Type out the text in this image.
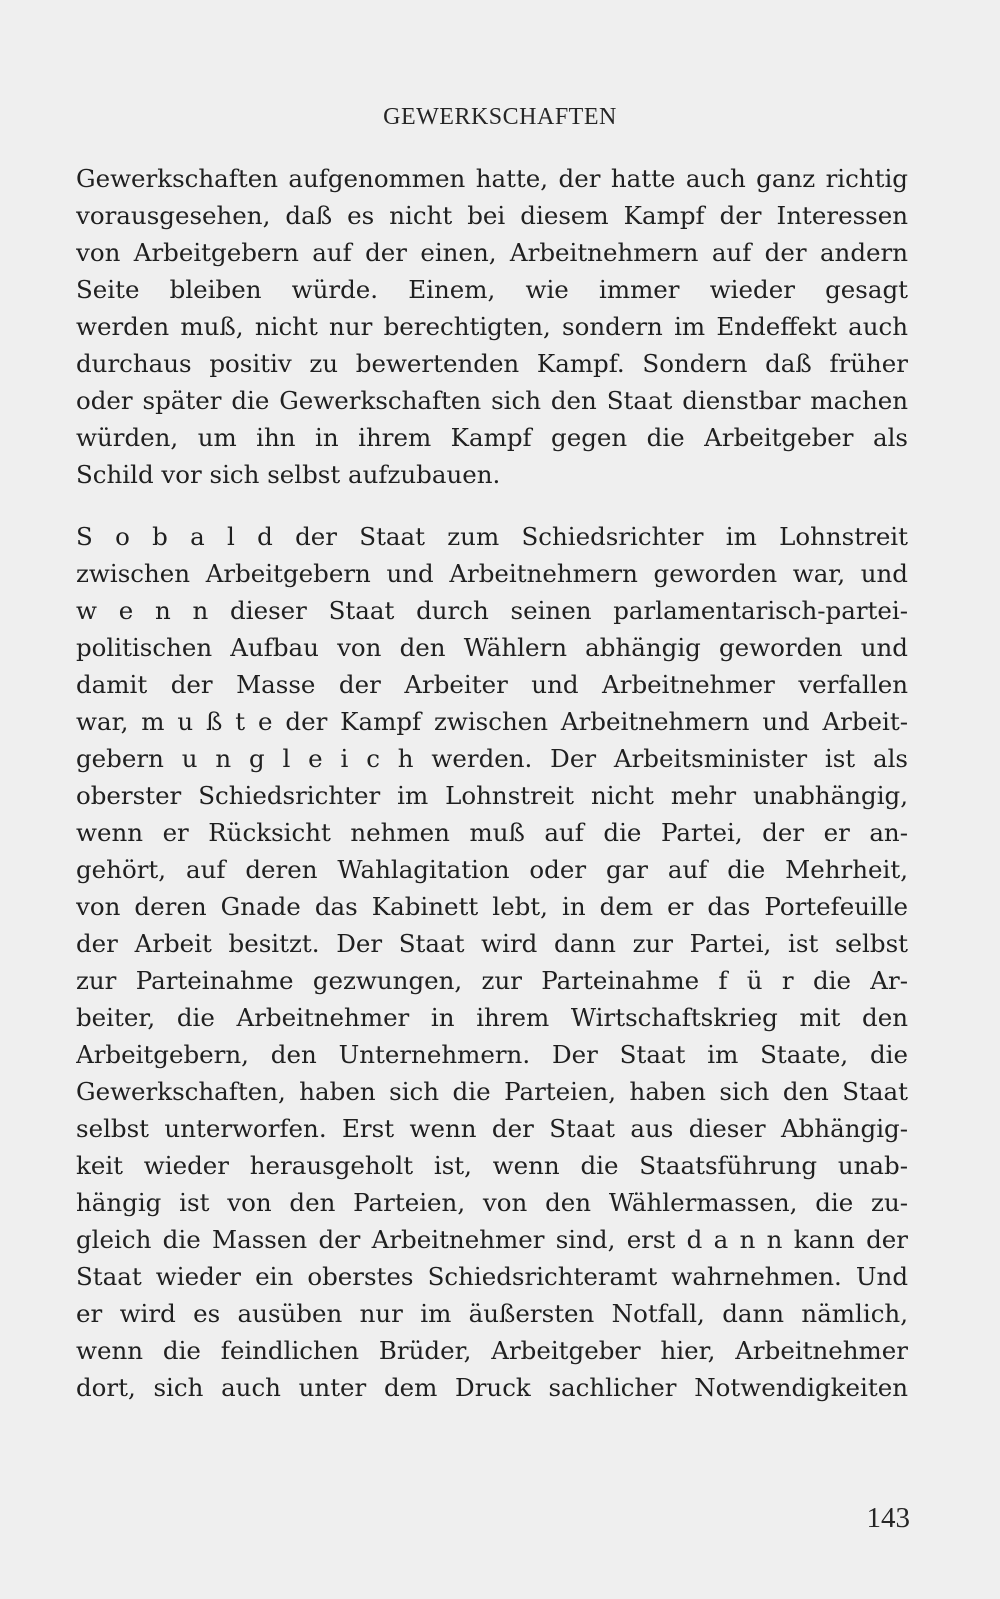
GEWERKSCHAFTEN
Gewerkschaften aufgenommen hatte, der hatte auch ganz richtig
vorausgesehen, daß es nicht bei diesem Kampf der Interessen
von Arbeitgebern auf der einen, Arbeitnehmern auf der andern
Seite bleiben würde. Einem, wie immer wieder gesagt
werden muß, nicht nur berechtigten, sondern im Endeffekt auch
durchaus positiv zu bewertenden Kampf. Sondern daß früher
oder später die Gewerkschaften sich den Staat dienstbar machen
würden, um ihn in ihrem Kampf gegen die Arbeitgeber als
Schild vor sich selbst aufzubauen.
S o b a l d der Staat zum Schiedsrichter im Lohnstreit
zwischen Arbeitgebern und Arbeitnehmern geworden war, und
w e n n dieser Staat durch seinen parlamentarisch-partei-
politischen Aufbau von den Wählern abhängig geworden und
damit der Masse der Arbeiter und Arbeitnehmer verfallen
war, m u ß t e der Kampf zwischen Arbeitnehmern und Arbeit-
gebern u n g l e i c h werden. Der Arbeitsminister ist als
oberster Schiedsrichter im Lohnstreit nicht mehr unabhängig,
wenn er Rücksicht nehmen muß auf die Partei, der er an-
gehört, auf deren Wahlagitation oder gar auf die Mehrheit,
von deren Gnade das Kabinett lebt, in dem er das Portefeuille
der Arbeit besitzt. Der Staat wird dann zur Partei, ist selbst
zur Parteinahme gezwungen, zur Parteinahme f ü r die Ar-
beiter, die Arbeitnehmer in ihrem Wirtschaftskrieg mit den
Arbeitgebern, den Unternehmern. Der Staat im Staate, die
Gewerkschaften, haben sich die Parteien, haben sich den Staat
selbst unterworfen. Erst wenn der Staat aus dieser Abhängig-
keit wieder herausgeholt ist, wenn die Staatsführung unab-
hängig ist von den Parteien, von den Wählermassen, die zu-
gleich die Massen der Arbeitnehmer sind, erst d a n n kann der
Staat wieder ein oberstes Schiedsrichteramt wahrnehmen. Und
er wird es ausüben nur im äußersten Notfall, dann nämlich,
wenn die feindlichen Brüder, Arbeitgeber hier, Arbeitnehmer
dort, sich auch unter dem Druck sachlicher Notwendigkeiten
143
